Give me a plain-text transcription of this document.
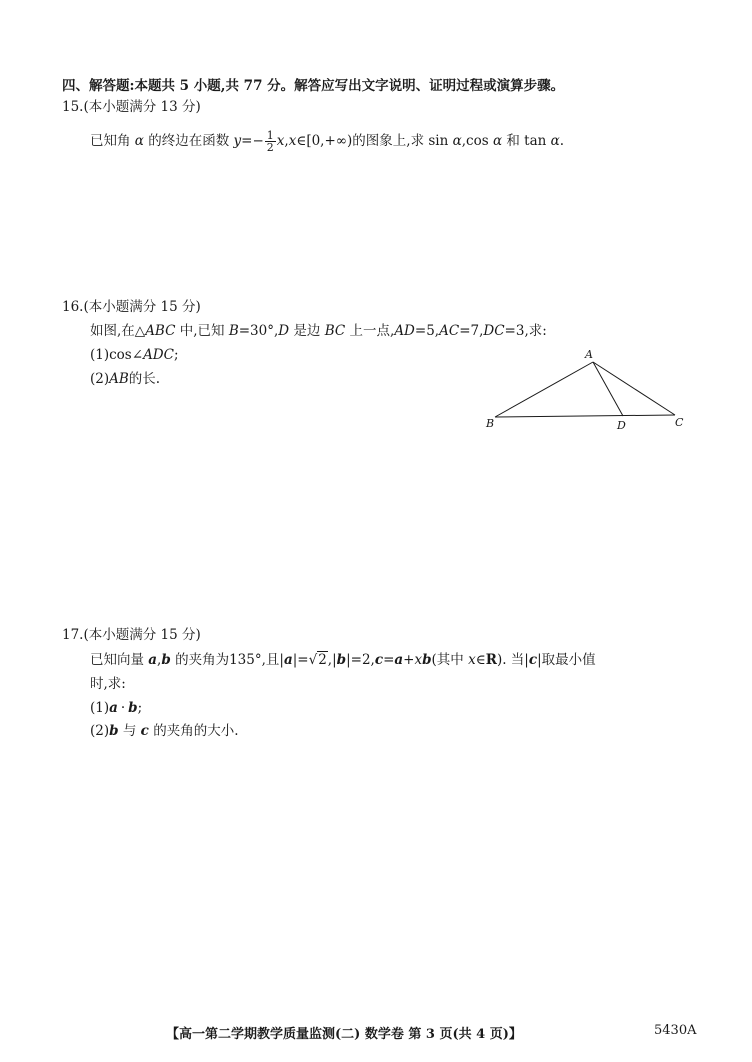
四、解答题:本题共 5 小题,共 77 分。解答应写出文字说明、证明过程或演算步骤。
15.(本小题满分 13 分)
已知角 α 的终边在函数 $y=- \frac{1}{2}$ x,x∈[0,+∞)的图象上,求 sin α,cos α 和 tan α.
16.(本小题满分 15 分)
如图,在△ABC 中,已知 B=30°,D 是边 BC 上一点,AD=5,AC=7,DC=3,求:
(1)cos∠ADC;
(2)AB的长.
A
B	C
D
17.(本小题满分 15 分)
已知向量 a,b 的夹角为135°,且|a|=√2,|b|=2,c=a+xb(其中 x∈R). 当|c|取最小值
时,求:
(1)a · b;
(2)b 与 c 的夹角的大小.
【高一第二学期教学质量监测(二) 数学卷 第 3 页(共 4 页)】	5430A
